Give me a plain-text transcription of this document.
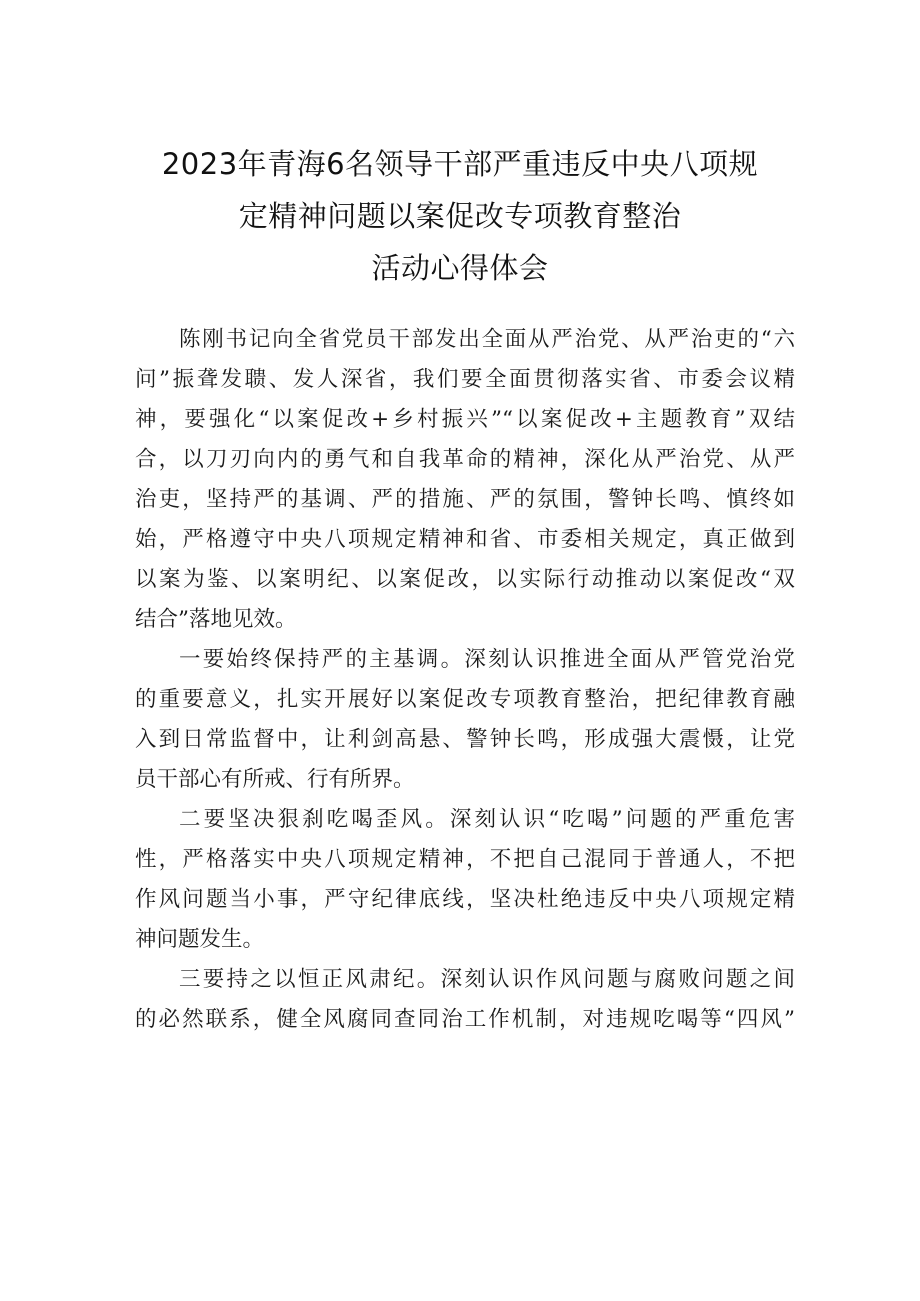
2023年青海6名领导干部严重违反中央八项规
定精神问题以案促改专项教育整治
活动心得体会

陈刚书记向全省党员干部发出全面从严治党、从严治吏的“六
问”振聋发聩、发人深省，我们要全面贯彻落实省、市委会议精
神，要强化“以案促改+乡村振兴”“以案促改+主题教育”双结
合，以刀刃向内的勇气和自我革命的精神，深化从严治党、从严
治吏，坚持严的基调、严的措施、严的氛围，警钟长鸣、慎终如
始，严格遵守中央八项规定精神和省、市委相关规定，真正做到
以案为鉴、以案明纪、以案促改，以实际行动推动以案促改“双
结合”落地见效。

一要始终保持严的主基调。深刻认识推进全面从严管党治党
的重要意义，扎实开展好以案促改专项教育整治，把纪律教育融
入到日常监督中，让利剑高悬、警钟长鸣，形成强大震慑，让党
员干部心有所戒、行有所界。

二要坚决狠刹吃喝歪风。深刻认识“吃喝”问题的严重危害
性，严格落实中央八项规定精神，不把自己混同于普通人，不把
作风问题当小事，严守纪律底线，坚决杜绝违反中央八项规定精
神问题发生。

三要持之以恒正风肃纪。深刻认识作风问题与腐败问题之间
的必然联系，健全风腐同查同治工作机制，对违规吃喝等“四风”
